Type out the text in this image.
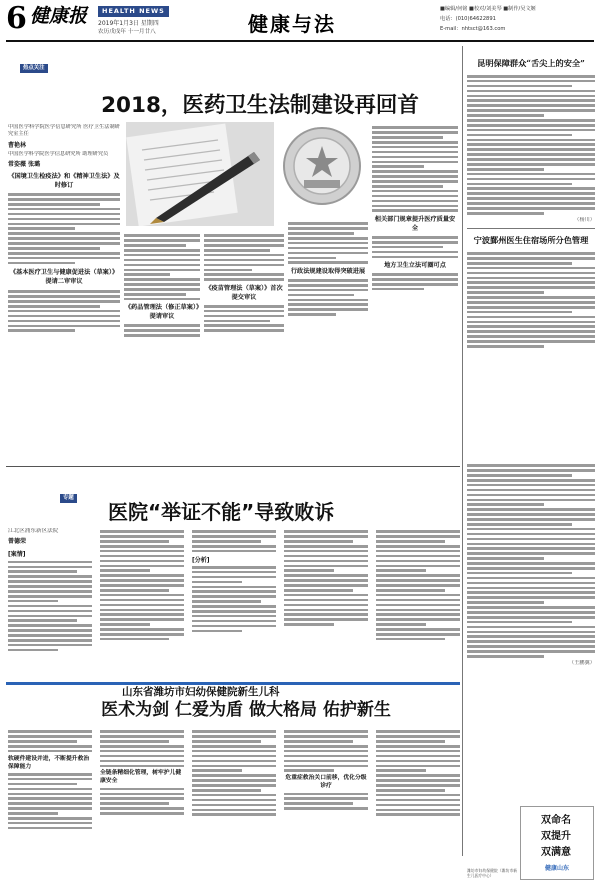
6 健康报	HEALTH NEWS
2019年1月3日 星期四
农历戊戌年 十一月廿八	健康与法
■编辑/何铭 ■校对/刘美琴 ■制作/吴文姬
电话：(010)64622891
E-mail：nhtsct@163.com
热点关注
2018，医药卫生法制建设再回首
中国医学科学院医学信息研究所 医疗卫生法制研究室主任
曹艳林
中国医学科学院医学信息研究所 助理研究员
常姿薇 张璐
《国境卫生检疫法》和《精神卫生法》及时修订
《基本医疗卫生与健康促进法（草案）》提请二审审议
《药品管理法（修正草案）》提请审议
《疫苗管理法（草案）》首次提交审议
行政法规建设取得突破进展
相关部门规章提升医疗质量安全
地方卫生立法可圈可点
昆明保障群众“舌尖上的安全”
（杨川）
宁波鄞州医生住宿场所分色管理
（王鹏翼）
专题
医院“举证不能”导致败诉
江北区浦东新区法院
曾德荣
[案情]
[分析]
山东省潍坊市妇幼保健院新生儿科
医术为剑 仁爱为盾 做大格局 佑护新生
软硬件建设并进，不断提升救治保障能力
全链条精细化管理，树牢护儿健康安全
危重症救治关口前移，优化分级诊疗
双命名
双提升
双满意
健康山东
潍坊市妇幼保健院（潍坊市新生儿医疗中心）
